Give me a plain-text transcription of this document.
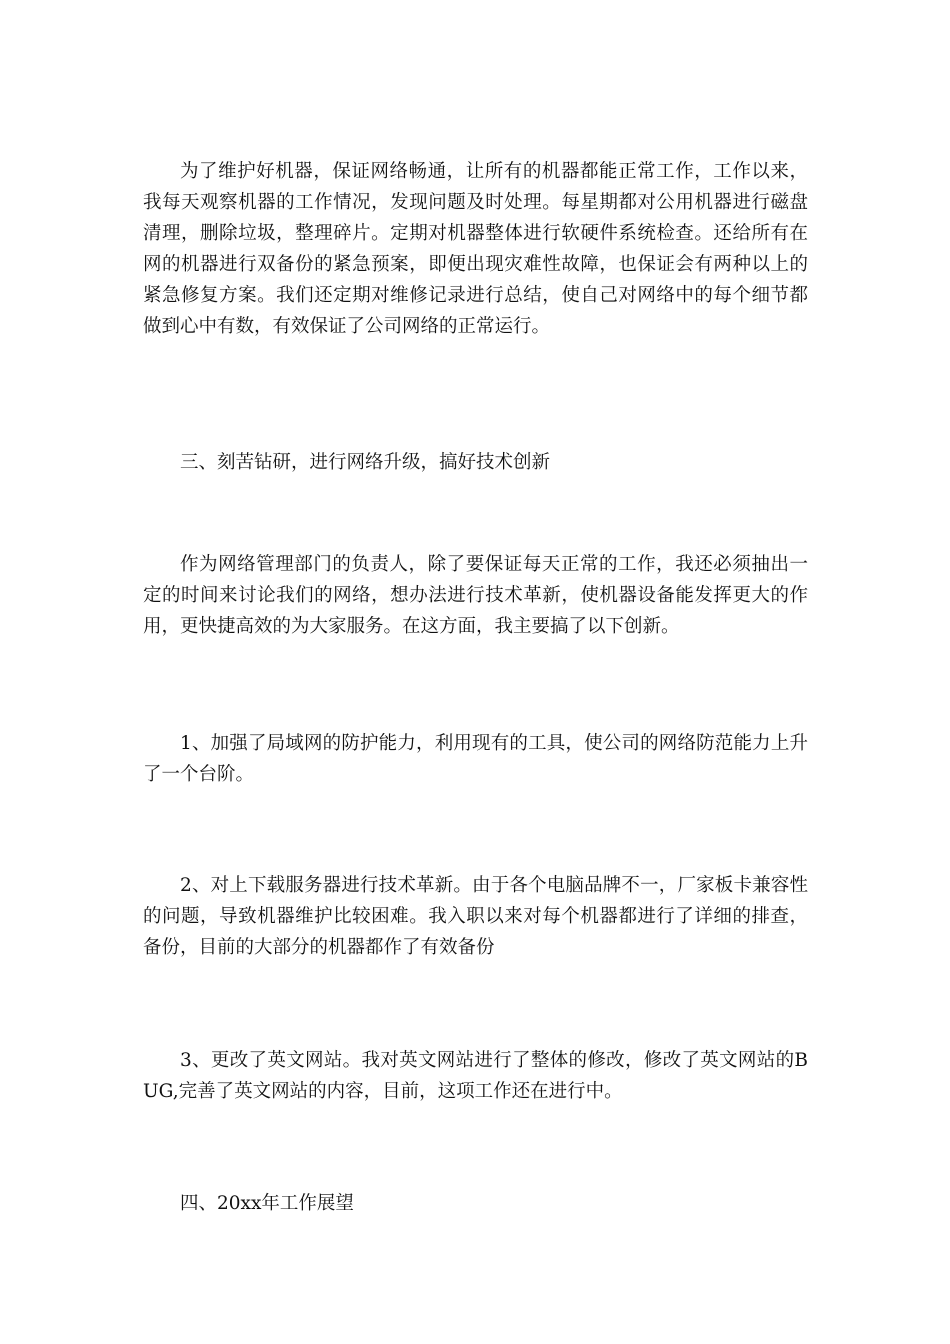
为了维护好机器，保证网络畅通，让所有的机器都能正常工作，工作以来，我每天观察机器的工作情况，发现问题及时处理。每星期都对公用机器进行磁盘清理，删除垃圾，整理碎片。定期对机器整体进行软硬件系统检查。还给所有在网的机器进行双备份的紧急预案，即便出现灾难性故障，也保证会有两种以上的紧急修复方案。我们还定期对维修记录进行总结，使自己对网络中的每个细节都做到心中有数，有效保证了公司网络的正常运行。

三、刻苦钻研，进行网络升级，搞好技术创新

作为网络管理部门的负责人，除了要保证每天正常的工作，我还必须抽出一定的时间来讨论我们的网络，想办法进行技术革新，使机器设备能发挥更大的作用，更快捷高效的为大家服务。在这方面，我主要搞了以下创新。

1、加强了局域网的防护能力，利用现有的工具，使公司的网络防范能力上升了一个台阶。

2、对上下载服务器进行技术革新。由于各个电脑品牌不一，厂家板卡兼容性的问题，导致机器维护比较困难。我入职以来对每个机器都进行了详细的排查，备份，目前的大部分的机器都作了有效备份

3、更改了英文网站。我对英文网站进行了整体的修改，修改了英文网站的BUG,完善了英文网站的内容，目前，这项工作还在进行中。

四、20xx年工作展望
